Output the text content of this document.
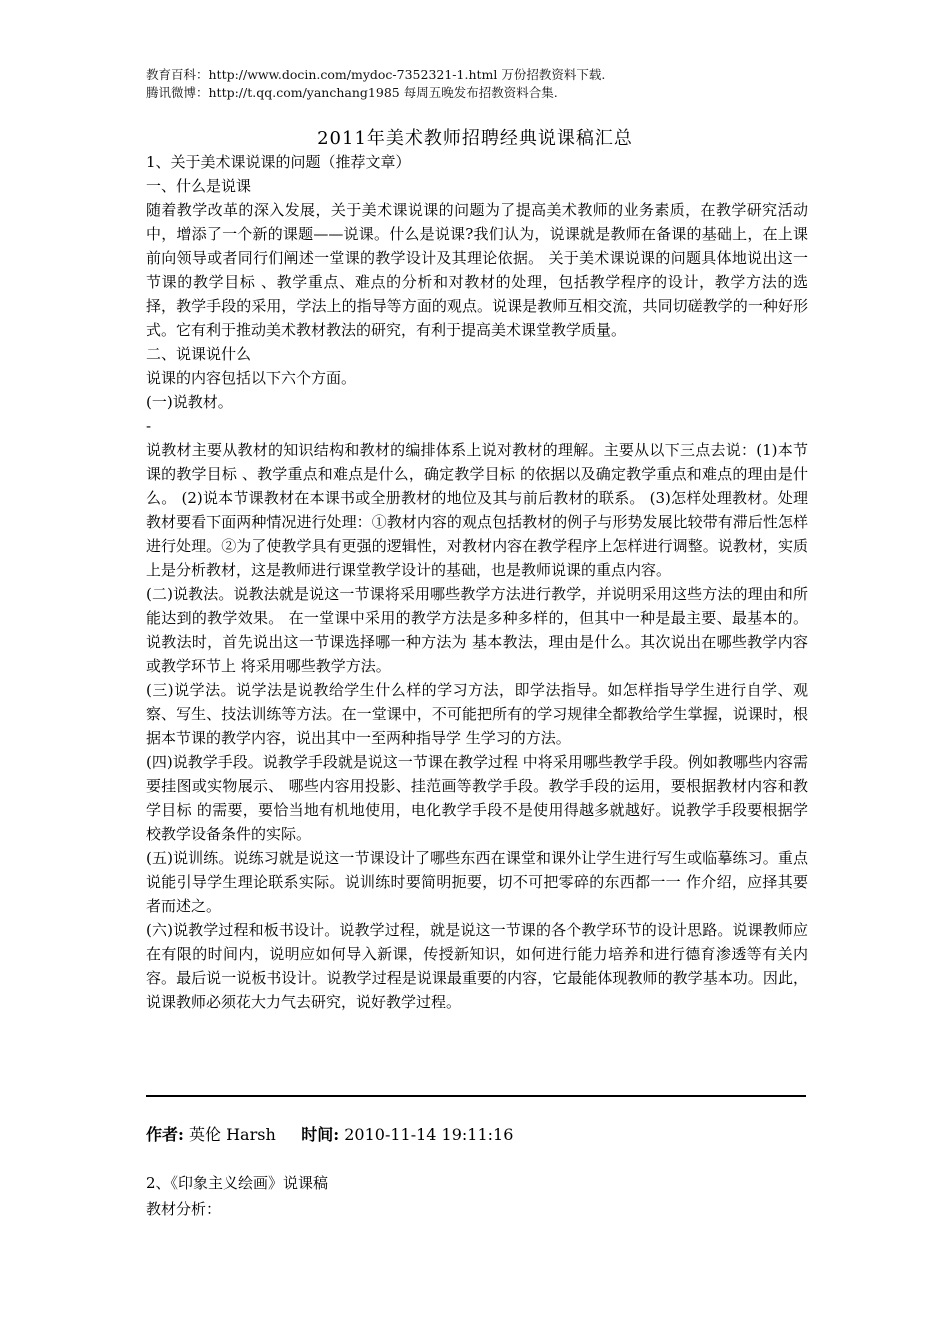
教育百科：http://www.docin.com/mydoc-7352321-1.html 万份招教资料下载.
腾讯微博：http://t.qq.com/yanchang1985 每周五晚发布招教资料合集.
2011年美术教师招聘经典说课稿汇总

1、关于美术课说课的问题（推荐文章）

一、什么是说课

随着教学改革的深入发展，关于美术课说课的问题为了提高美术教师的业务素质，在教学研究活动中，增添了一个新的课题——说课。什么是说课?我们认为，说课就是教师在备课的基础上，在上课前向领导或者同行们阐述一堂课的教学设计及其理论依据。 关于美术课说课的问题具体地说出这一节课的教学目标 、教学重点、难点的分析和对教材的处理，包括教学程序的设计，教学方法的选择，教学手段的采用，学法上的指导等方面的观点。说课是教师互相交流，共同切磋教学的一种好形式。它有利于推动美术教材教法的研究，有利于提高美术课堂教学质量。

二、说课说什么

说课的内容包括以下六个方面。

(一)说教材。

-

说教材主要从教材的知识结构和教材的编排体系上说对教材的理解。主要从以下三点去说：(1)本节课的教学目标 、教学重点和难点是什么，确定教学目标 的依据以及确定教学重点和难点的理由是什么。 (2)说本节课教材在本课书或全册教材的地位及其与前后教材的联系。 (3)怎样处理教材。处理教材要看下面两种情况进行处理：①教材内容的观点包括教材的例子与形势发展比较带有滞后性怎样进行处理。②为了使教学具有更强的逻辑性，对教材内容在教学程序上怎样进行调整。说教材，实质上是分析教材，这是教师进行课堂教学设计的基础，也是教师说课的重点内容。

(二)说教法。说教法就是说这一节课将采用哪些教学方法进行教学，并说明采用这些方法的理由和所能达到的教学效果。 在一堂课中采用的教学方法是多种多样的，但其中一种是最主要、最基本的。说教法时，首先说出这一节课选择哪一种方法为 基本教法，理由是什么。其次说出在哪些教学内容或教学环节上 将采用哪些教学方法。

(三)说学法。说学法是说教给学生什么样的学习方法，即学法指导。如怎样指导学生进行自学、观察、写生、技法训练等方法。在一堂课中，不可能把所有的学习规律全都教给学生掌握，说课时，根据本节课的教学内容，说出其中一至两种指导学 生学习的方法。

(四)说教学手段。说教学手段就是说这一节课在教学过程 中将采用哪些教学手段。例如教哪些内容需要挂图或实物展示、 哪些内容用投影、挂范画等教学手段。教学手段的运用，要根据教材内容和教学目标 的需要，要恰当地有机地使用，电化教学手段不是使用得越多就越好。说教学手段要根据学校教学设备条件的实际。

(五)说训练。说练习就是说这一节课设计了哪些东西在课堂和课外让学生进行写生或临摹练习。重点说能引导学生理论联系实际。说训练时要简明扼要，切不可把零碎的东西都一一 作介绍，应择其要者而述之。

(六)说教学过程和板书设计。说教学过程，就是说这一节课的各个教学环节的设计思路。说课教师应在有限的时间内，说明应如何导入新课，传授新知识，如何进行能力培养和进行德育渗透等有关内容。最后说一说板书设计。说教学过程是说课最重要的内容，它最能体现教师的教学基本功。因此，说课教师必须花大力气去研究，说好教学过程。

作者: 英伦 Harsh 时间: 2010-11-14 19:11:16

2、《印象主义绘画》说课稿

教材分析：
